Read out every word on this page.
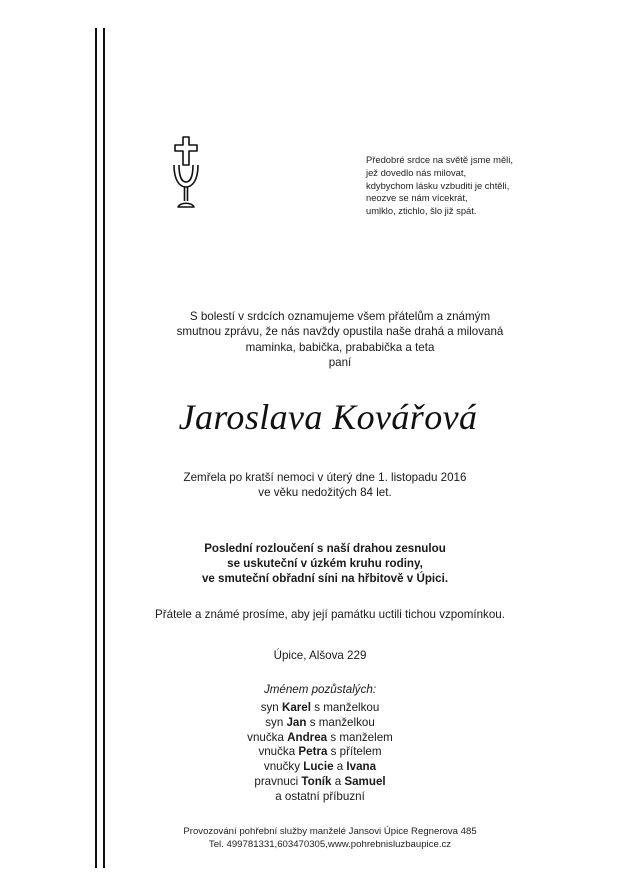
Předobré srdce na světě jsme měli,
jež dovedlo nás milovat,
kdybychom lásku vzbuditi je chtěli,
neozve se nám vícekrát,
umlklo, ztichlo, šlo již spát.
S bolestí v srdcích oznamujeme všem přátelům a známým
smutnou zprávu, že nás navždy opustila naše drahá a milovaná
maminka, babička, prababička a teta
paní
Jaroslava Kovářová
Zemřela po kratší nemoci v úterý dne 1. listopadu 2016
ve věku nedožitých 84 let.
Poslední rozloučení s naší drahou zesnulou
se uskuteční v úzkém kruhu rodiny,
ve smuteční obřadní síni na hřbitově v Úpici.
Přátele a známé prosíme, aby její památku uctili tichou vzpomínkou.
Úpice, Alšova 229
Jménem pozůstalých:
syn Karel s manželkou
syn Jan s manželkou
vnučka Andrea s manželem
vnučka Petra s přítelem
vnučky Lucie a Ivana
pravnuci Toník a Samuel
a ostatní příbuzní
Provozování pohřební služby manželé Jansovi Úpice Regnerova 485
Tel. 499781331,603470305,www.pohrebnisluzbaupice.cz
